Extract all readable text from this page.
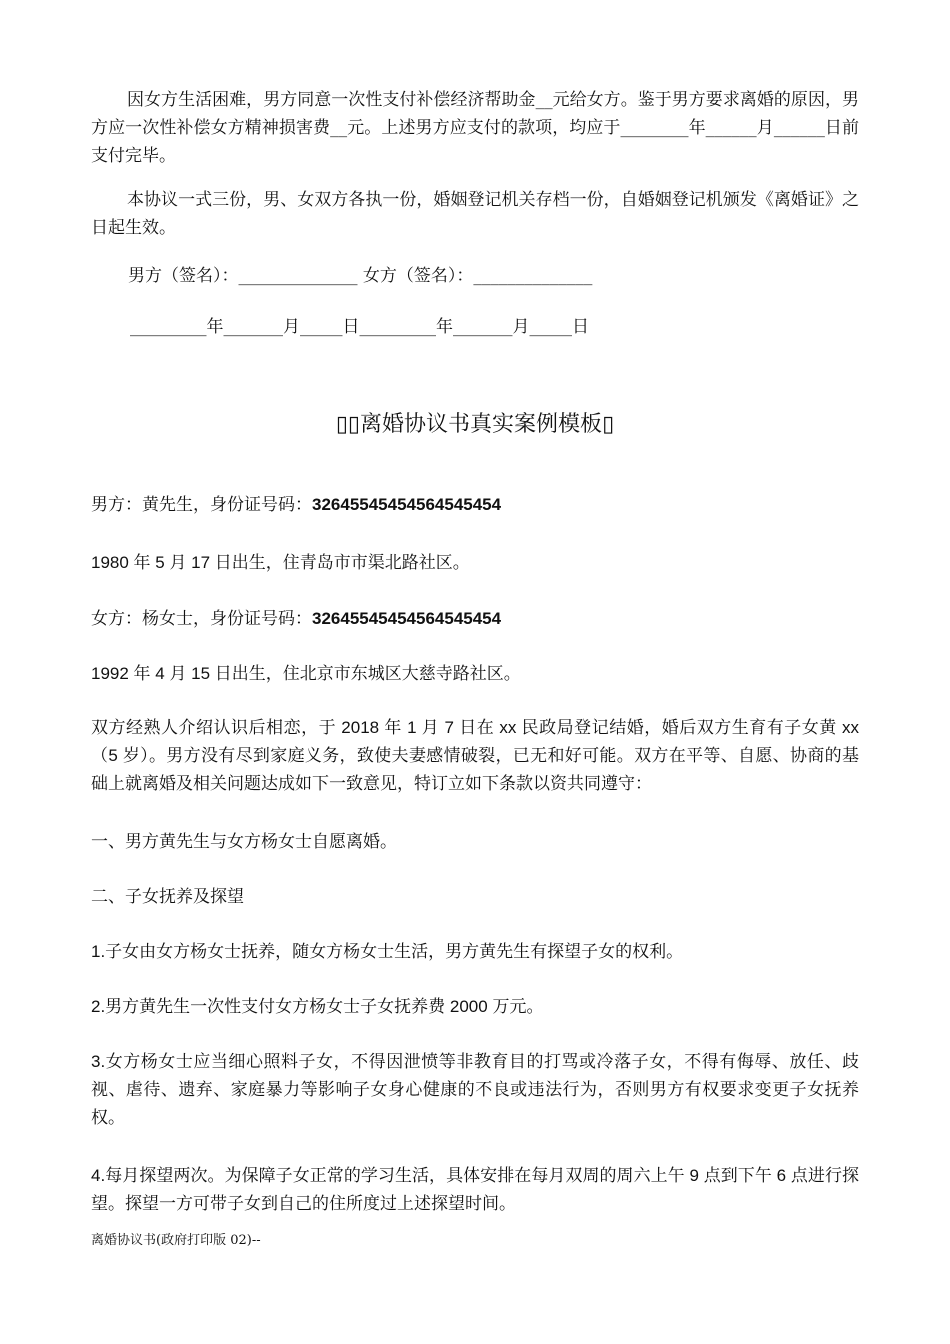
因女方生活困难，男方同意一次性支付补偿经济帮助金__元给女方。鉴于男方要求离婚的原因，男方应一次性补偿女方精神损害费__元。上述男方应支付的款项，均应于________年______月______日前支付完毕。

本协议一式三份，男、女双方各执一份，婚姻登记机关存档一份，自婚姻登记机颁发《离婚证》之日起生效。

男方（签名）：______________ 女方（签名）：______________
_________年_______月_____日_________年_______月_____日
▯▯离婚协议书真实案例模板▯

男方：黄先生，身份证号码：32645545454564545454

1980 年 5 月 17 日出生，住青岛市市渠北路社区。

女方：杨女士，身份证号码：32645545454564545454

1992 年 4 月 15 日出生，住北京市东城区大慈寺路社区。

双方经熟人介绍认识后相恋，于 2018 年 1 月 7 日在 xx 民政局登记结婚，婚后双方生育有子女黄 xx（5 岁）。男方没有尽到家庭义务，致使夫妻感情破裂，已无和好可能。双方在平等、自愿、协商的基础上就离婚及相关问题达成如下一致意见，特订立如下条款以资共同遵守：

一、男方黄先生与女方杨女士自愿离婚。

二、子女抚养及探望

1.子女由女方杨女士抚养，随女方杨女士生活，男方黄先生有探望子女的权利。

2.男方黄先生一次性支付女方杨女士子女抚养费 2000 万元。

3.女方杨女士应当细心照料子女，不得因泄愤等非教育目的打骂或冷落子女，不得有侮辱、放任、歧视、虐待、遗弃、家庭暴力等影响子女身心健康的不良或违法行为，否则男方有权要求变更子女抚养权。

4.每月探望两次。为保障子女正常的学习生活，具体安排在每月双周的周六上午 9 点到下午 6 点进行探望。探望一方可带子女到自己的住所度过上述探望时间。

离婚协议书(政府打印版 02)--
